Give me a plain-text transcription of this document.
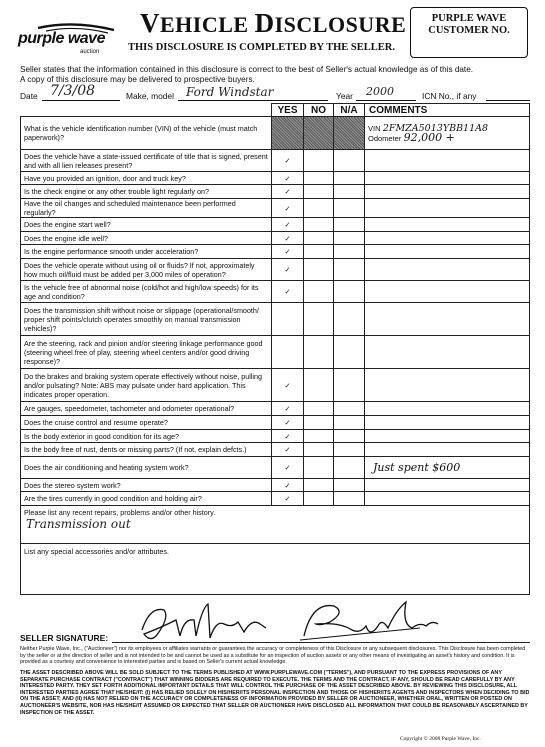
purple wave
auction
VEHICLE DISCLOSURE
THIS DISCLOSURE IS COMPLETED BY THE SELLER.
PURPLE WAVE
CUSTOMER NO.
Seller states that the information contained in this disclosure is correct to the best of Seller's actual knowledge as of this date.
A copy of this disclosure may be delivered to prospective buyers.
Date 7/3/08	Make, model Ford Windstar	Year 2000	ICN No., if any
	YES	NO	N/A	COMMENTS
What is the vehicle identification number (VIN) of the vehicle (must match paperwork)?				VIN 2FMZA5013YBB11A8
Odometer 92,000 +

Does the vehicle have a state-issued certificate of title that is signed, present and with all lien releases present?	✓			
Have you provided an ignition, door and truck key?	✓			
Is the check engine or any other trouble light regularly on?	✓			
Have the oil changes and scheduled maintenance been performed regularly?	✓			
Does the engine start well?	✓			
Does the engine idle well?	✓			
Is the engine performance smooth under acceleration?	✓			
Does the vehicle operate without using oil or fluids? If not, approximately how much oil/fluid must be added per 3,000 miles of operation?	✓			
Is the vehicle free of abnormal noise (cold/hot and high/low speeds) for its age and condition?	✓			
Does the transmission shift without noise or slippage (operational/smooth/ proper shift points/clutch operates smoothly on manual transmission vehicles)?				
Are the steering, rack and pinion and/or steering linkage performance good (steering wheel free of play, steering wheel centers and/or good driving response)?				
Do the brakes and braking system operate effectively without noise, pulling and/or pulsating? Note: ABS may pulsate under hard application. This indicates proper operation.	✓			
Are gauges, speedometer, tachometer and odometer operational?	✓			
Does the cruise control and resume operate?	✓			
Is the body exterior in good condition for its age?	✓			
Is the body free of rust, dents or missing parts? (If not, explain defcts.)	✓			
Does the air conditioning and heating system work?	✓			Just spent $600
Does the stereo system work?	✓			
Are the tires currently in good condition and holding air?	✓			

Please list any recent repairs, problems and/or other history.
Transmission out				

List any special accessories and/or attributes.				
SELLER SIGNATURE:
Neither Purple Wave, Inc., ("Auctioneer") nor its employees or affiliates warrants or guarantees the accuracy or completeness of this Disclosure or any subsequent disclosures. This Disclosure has been completed by the seller or at the direction of seller and is not intended to be and cannot be used as a substitute for an inspection of auction assets or any other means of investigating an asset's history and condition. It is provided as a courtesy and convenience to interested parties and is based on Seller's current actual knowledge.
THE ASSET DESCRIBED ABOVE WILL BE SOLD SUBJECT TO THE TERMS PUBLISHED AT WWW.PURPLEWAVE.COM ("TERMS"), AND PURSUANT TO THE EXPRESS PROVISIONS OF ANY SEPARATE PURCHASE CONTRACT ("CONTRACT") THAT WINNING BIDDERS ARE REQUIRED TO EXECUTE. THE TERMS AND THE CONTRACT, IF ANY, SHOULD BE READ CAREFULLY BY ANY INTERESTED PARTY. THEY SET FORTH ADDITIONAL IMPORTANT DETAILS THAT WILL CONTROL THE PURCHASE OF THE ASSET DESCRIBED ABOVE. BY REVIEWING THIS DISCLOSURE, ALL INTERESTED PARTIES AGREE THAT HE/SHE/IT: (I) HAS RELIED SOLELY ON HIS/HER/ITS PERSONAL INSPECTION AND THOSE OF HIS/HER/ITS AGENTS AND INSPECTORS WHEN DECIDING TO BID ON THE ASSET; AND (II) HAS NOT RELIED ON THE ACCURACY OR COMPLETENESS OF INFORMATION PROVIDED BY SELLER OR AUCTIONEER, WHETHER ORAL, WRITTEN OR POSTED ON AUCTIONEER'S WEBSITE, NOR HAS HE/SHE/IT ASSUMED OR EXPECTED THAT SELLER OR AUCTIONEER HAVE DISCLOSED ALL INFORMATION THAT COULD BE REASONABLY ASCERTAINED BY INSPECTION OF THE ASSET.
Copyright © 2008 Purple Wave, Inc.
